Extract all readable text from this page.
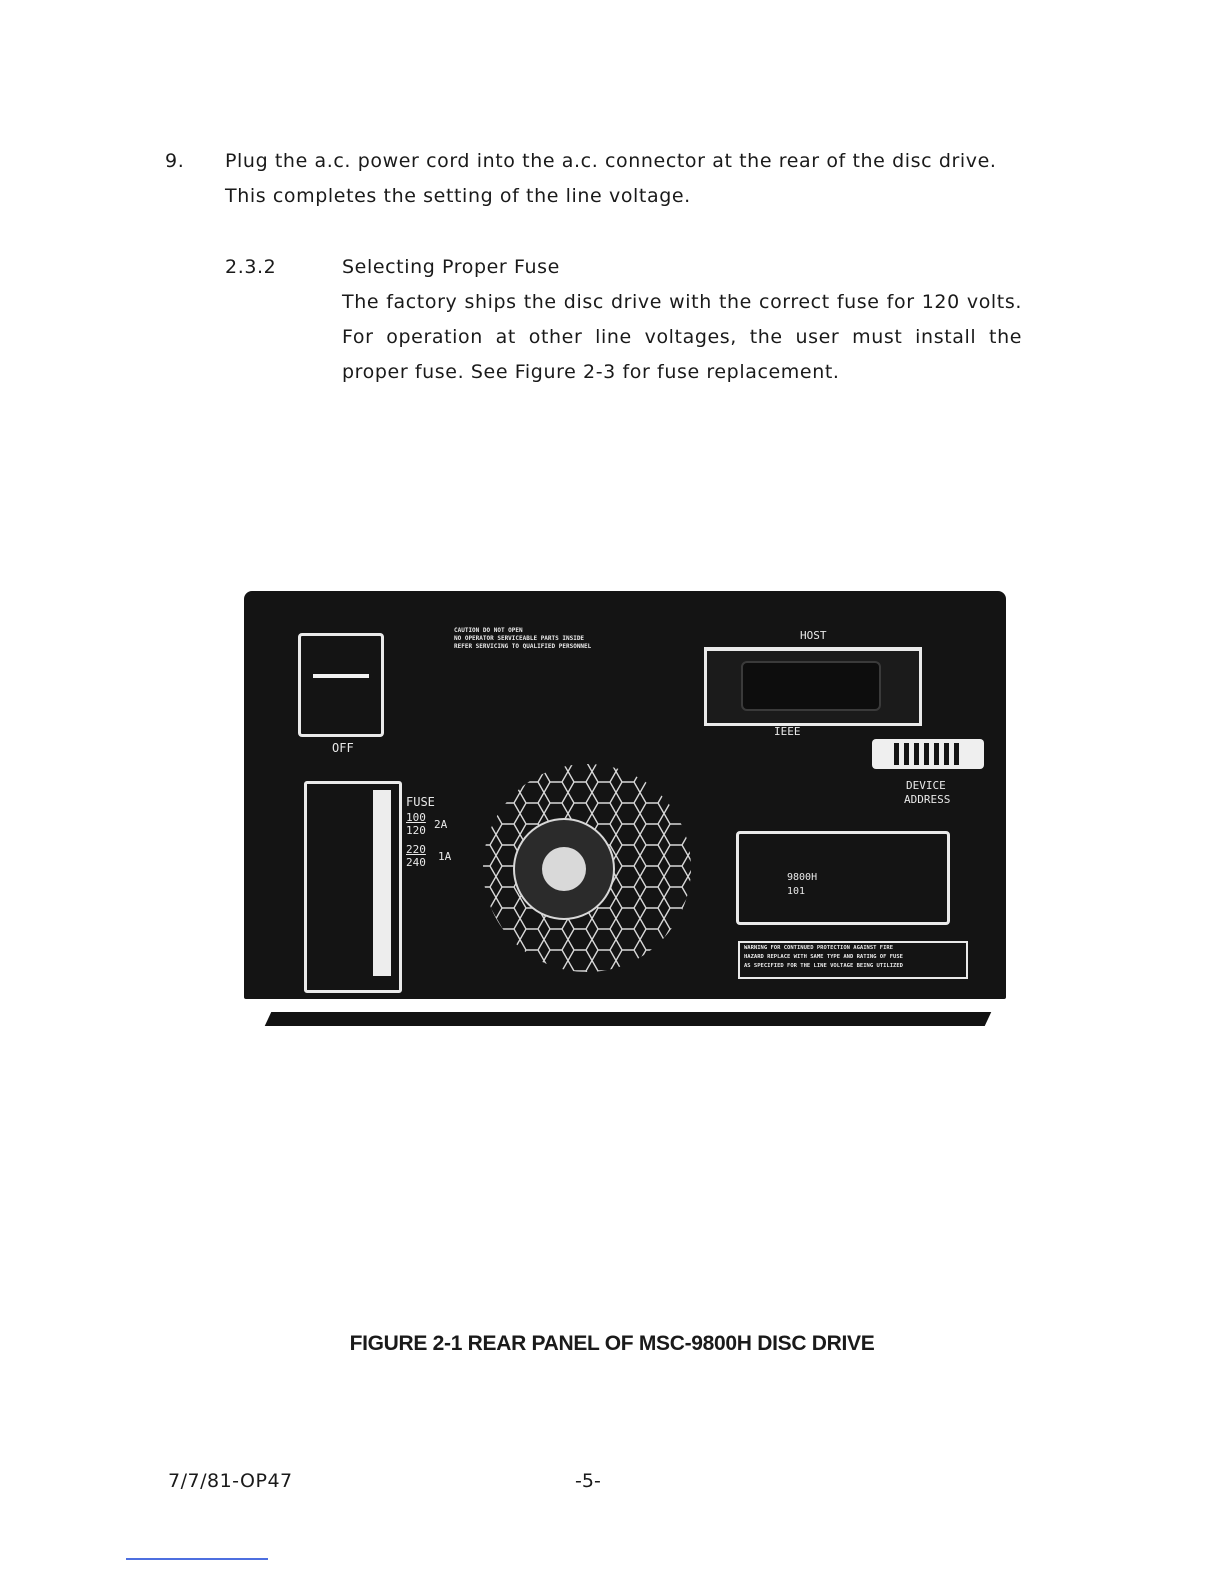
9. Plug the a.c. power cord into the a.c. connector at the rear of the disc drive. This completes the setting of the line voltage.
2.3.2	Selecting Proper Fuse
The factory ships the disc drive with the correct fuse for 120 volts. For operation at other line voltages, the user must install the proper fuse. See Figure 2-3 for fuse replacement.
OFF
CAUTION DO NOT OPEN
NO OPERATOR SERVICEABLE PARTS INSIDE
REFER SERVICING TO QUALIFIED PERSONNEL
HOST
IEEE
DEVICE
ADDRESS
FUSE
100
120 2A
220
240 1A
9800H
101
WARNING FOR CONTINUED PROTECTION AGAINST FIRE
HAZARD REPLACE WITH SAME TYPE AND RATING OF FUSE
AS SPECIFIED FOR THE LINE VOLTAGE BEING UTILIZED
FIGURE 2-1 REAR PANEL OF MSC-9800H DISC DRIVE
7/7/81-OP47	-5-
